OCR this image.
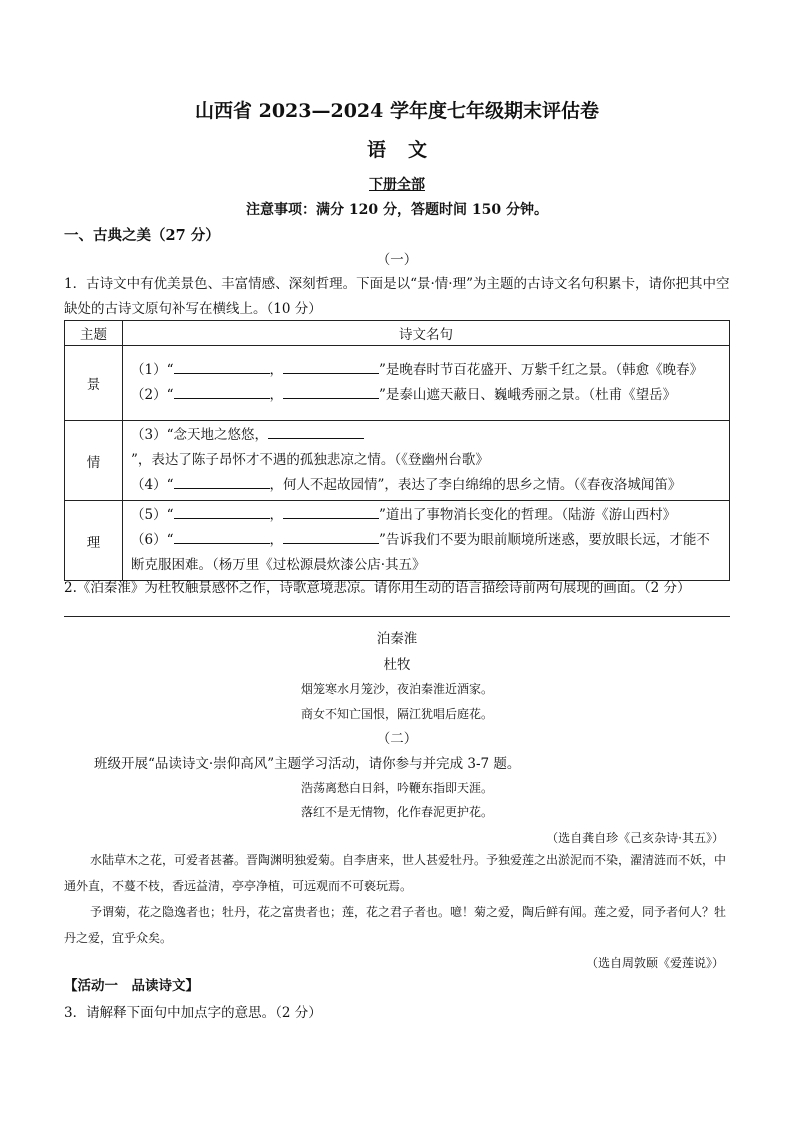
山西省 2023—2024 学年度七年级期末评估卷
语文
下册全部
注意事项：满分 120 分，答题时间 150 分钟。
一、古典之美（27 分）
（一）
1．古诗文中有优美景色、丰富情感、深刻哲理。下面是以“景·情·理”为主题的古诗文名句积累卡，请你把其中空缺处的古诗文原句补写在横线上。（10 分）
主题	诗文名句
景	（1）“ ， ”是晚春时节百花盛开、万紫千红之景。（韩愈《晚春》
（2）“ ， ”是泰山遮天蔽日、巍峨秀丽之景。（杜甫《望岳》

情	（3）“念天地之悠悠，”，表达了陈子昂怀才不遇的孤独悲凉之情。（《登幽州台歌》
（4）“ ，何人不起故园情”，表达了李白绵绵的思乡之情。（《春夜洛城闻笛》

理	（5）“ ， ”道出了事物消长变化的哲理。（陆游《游山西村》
（6）“ ， ”告诉我们不要为眼前顺境所迷惑，要放眼长远，才能不断克服困难。（杨万里《过松源晨炊漆公店·其五》
2.《泊秦淮》为杜牧触景感怀之作，诗歌意境悲凉。请你用生动的语言描绘诗前两句展现的画面。（2 分）
泊秦淮
杜牧
烟笼寒水月笼沙，夜泊秦淮近酒家。
商女不知亡国恨，隔江犹唱后庭花。
（二）
班级开展“品读诗文·崇仰高风”主题学习活动，请你参与并完成 3-7 题。
浩荡离愁白日斜，吟鞭东指即天涯。
落红不是无情物，化作春泥更护花。
（选自龚自珍《己亥杂诗·其五》）
水陆草木之花，可爱者甚蕃。晋陶渊明独爱菊。自李唐来，世人甚爱牡丹。予独爱莲之出淤泥而不染，濯清涟而不妖，中通外直，不蔓不枝，香远益清，亭亭净植，可远观而不可亵玩焉。
予谓菊，花之隐逸者也；牡丹，花之富贵者也；莲，花之君子者也。噫！菊之爱，陶后鲜有闻。莲之爱，同予者何人？牡丹之爱，宜乎众矣。
（选自周敦颐《爱莲说》）
【活动一　品读诗文】
3．请解释下面句中加点字的意思。（2 分）
